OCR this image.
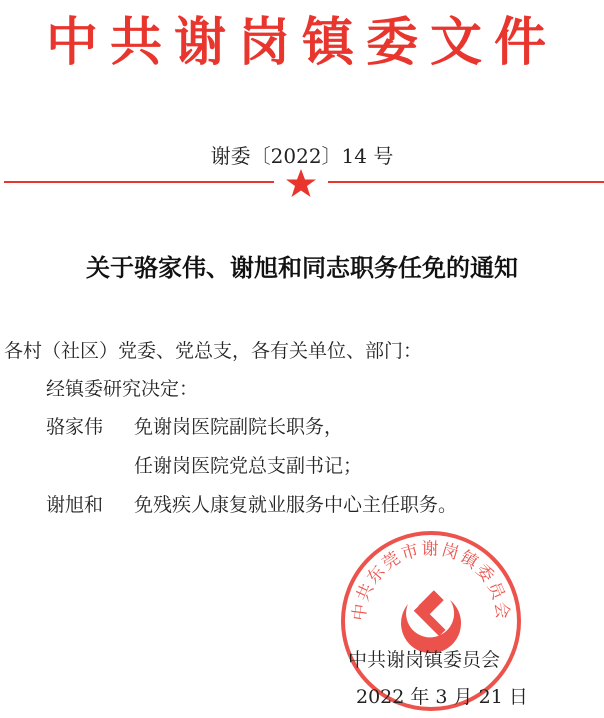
中共谢岗镇委文件
谢委〔2022〕14 号
关于骆家伟、谢旭和同志职务任免的通知
各村（社区）党委、党总支，各有关单位、部门：
经镇委研究决定：
骆家伟 免谢岗医院副院长职务，
任谢岗医院党总支副书记；
谢旭和 免残疾人康复就业服务中心主任职务。
中共东莞市谢岗镇委员会
中共谢岗镇委员会
2022 年 3 月 21 日
